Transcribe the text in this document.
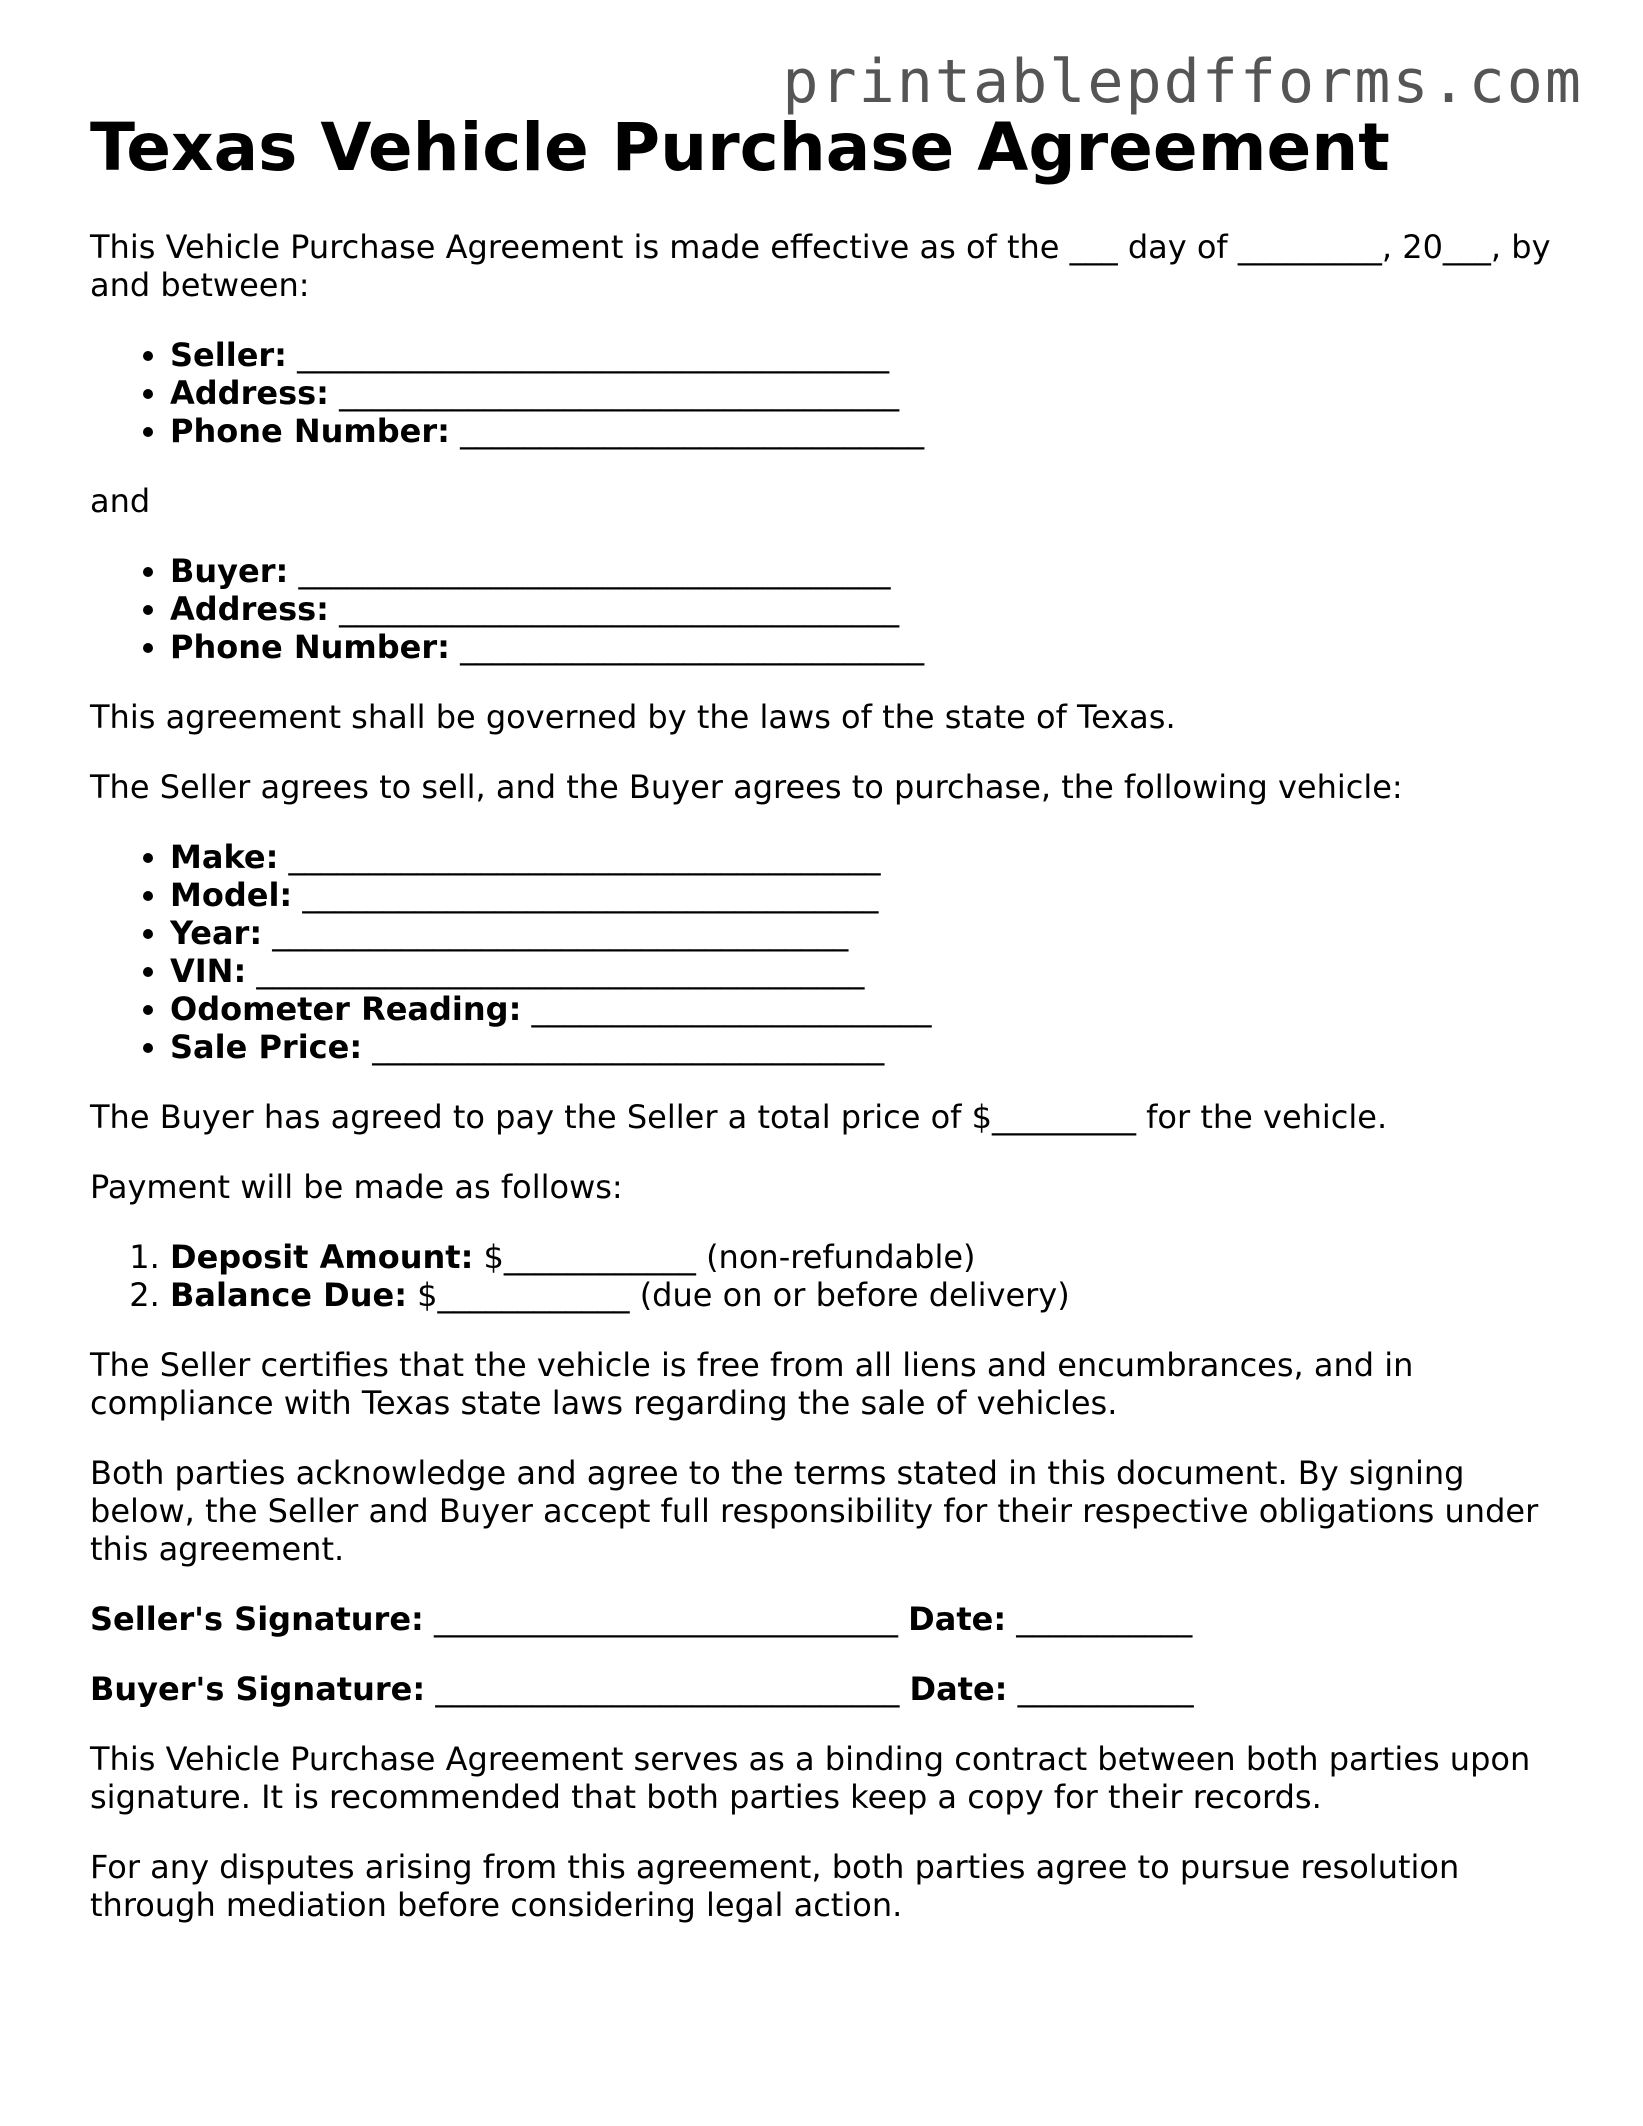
printablepdfforms.com
Texas Vehicle Purchase Agreement

This Vehicle Purchase Agreement is made effective as of the ___ day of _________, 20___, by and between:

• Seller: _____________________________________
• Address: ___________________________________
• Phone Number: _____________________________

and

• Buyer: _____________________________________
• Address: ___________________________________
• Phone Number: _____________________________

This agreement shall be governed by the laws of the state of Texas.

The Seller agrees to sell, and the Buyer agrees to purchase, the following vehicle:

• Make: _____________________________________
• Model: ____________________________________
• Year: ____________________________________
• VIN: ______________________________________
• Odometer Reading: _________________________
• Sale Price: ________________________________

The Buyer has agreed to pay the Seller a total price of $_________ for the vehicle.

Payment will be made as follows:

1. Deposit Amount: $____________ (non-refundable)
2. Balance Due: $____________ (due on or before delivery)

The Seller certifies that the vehicle is free from all liens and encumbrances, and in compliance with Texas state laws regarding the sale of vehicles.

Both parties acknowledge and agree to the terms stated in this document. By signing below, the Seller and Buyer accept full responsibility for their respective obligations under this agreement.

Seller's Signature: _____________________________ Date: ___________
Buyer's Signature: _____________________________ Date: ___________

This Vehicle Purchase Agreement serves as a binding contract between both parties upon signature. It is recommended that both parties keep a copy for their records.

For any disputes arising from this agreement, both parties agree to pursue resolution through mediation before considering legal action.
